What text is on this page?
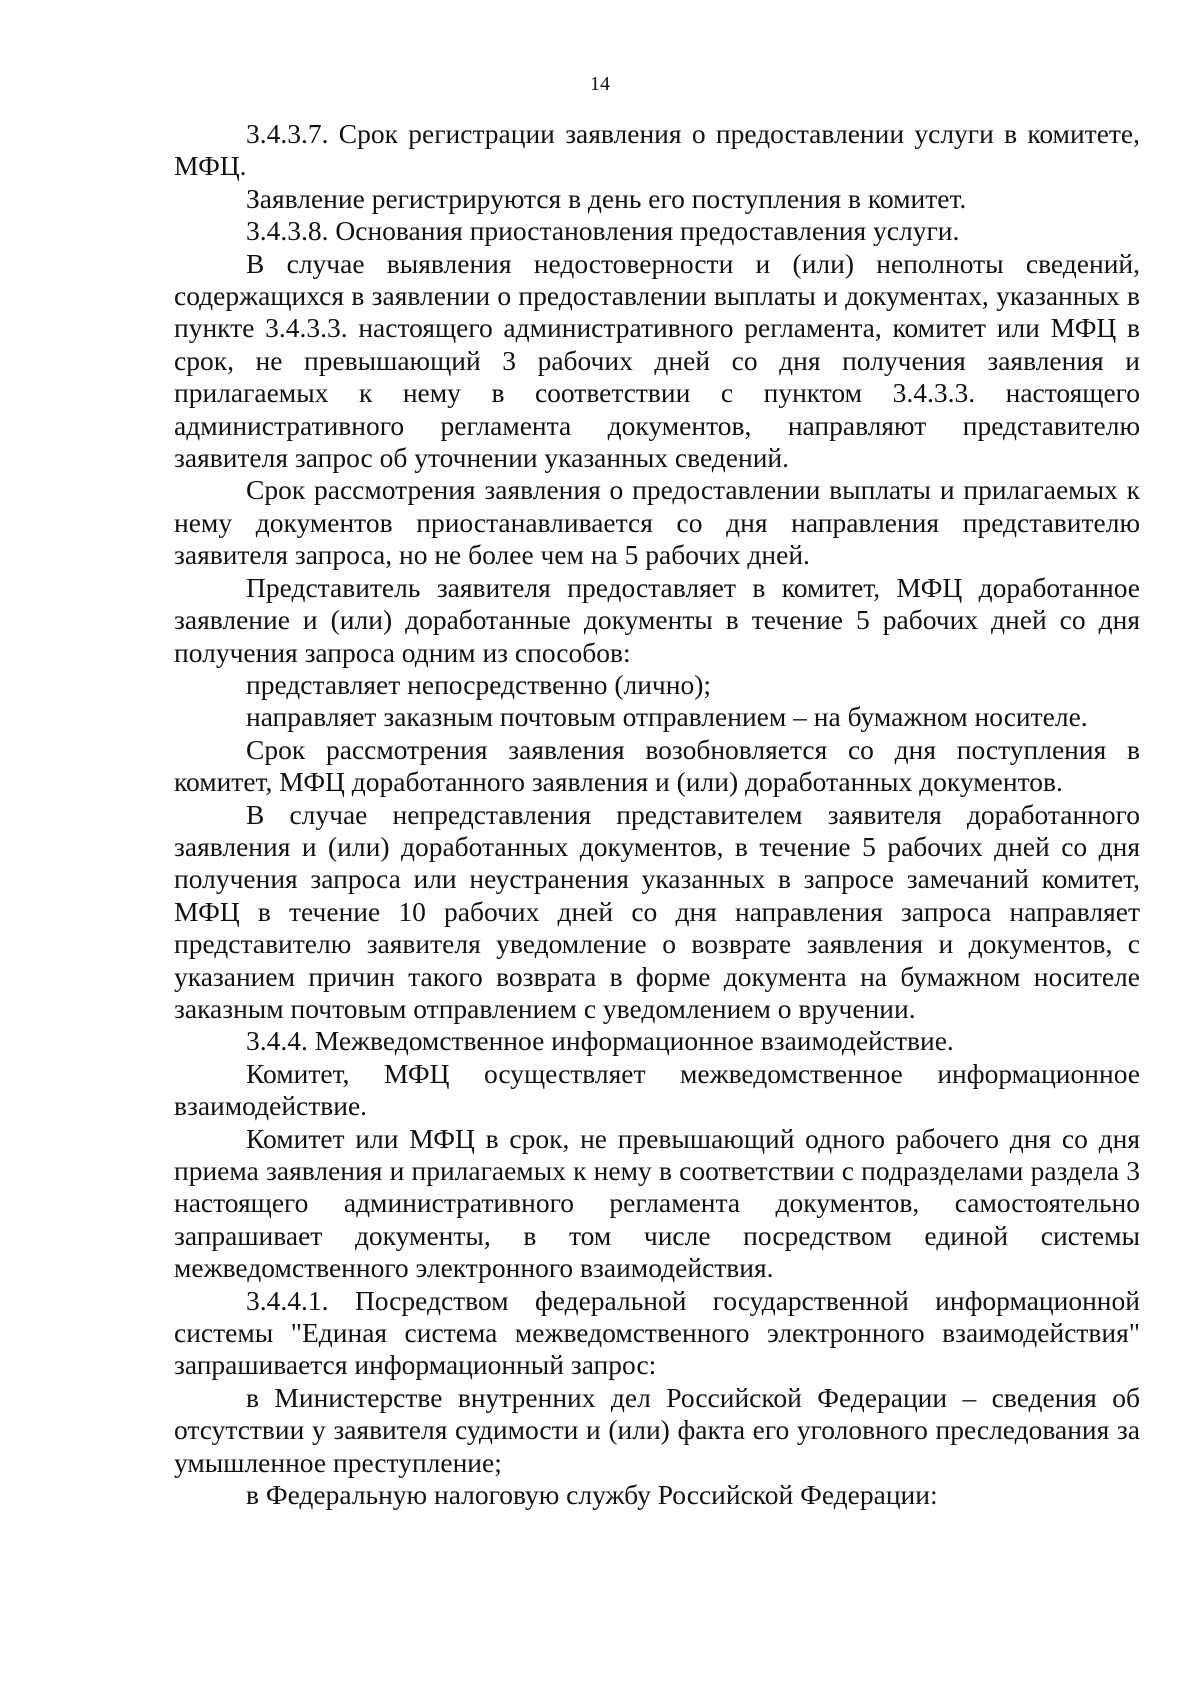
14

3.4.3.7. Срок регистрации заявления о предоставлении услуги в комитете, МФЦ.

Заявление регистрируются в день его поступления в комитет.

3.4.3.8. Основания приостановления предоставления услуги.

В случае выявления недостоверности и (или) неполноты сведений, содержащихся в заявлении о предоставлении выплаты и документах, указанных в пункте 3.4.3.3. настоящего административного регламента, комитет или МФЦ в срок, не превышающий 3 рабочих дней со дня получения заявления и прилагаемых к нему в соответствии с пунктом 3.4.3.3. настоящего административного регламента документов, направляют представителю заявителя запрос об уточнении указанных сведений.

Срок рассмотрения заявления о предоставлении выплаты и прилагаемых к нему документов приостанавливается со дня направления представителю заявителя запроса, но не более чем на 5 рабочих дней.

Представитель заявителя предоставляет в комитет, МФЦ доработанное заявление и (или) доработанные документы в течение 5 рабочих дней со дня получения запроса одним из способов:

представляет непосредственно (лично);

направляет заказным почтовым отправлением – на бумажном носителе.

Срок рассмотрения заявления возобновляется со дня поступления в комитет, МФЦ доработанного заявления и (или) доработанных документов.

В случае непредставления представителем заявителя доработанного заявления и (или) доработанных документов, в течение 5 рабочих дней со дня получения запроса или неустранения указанных в запросе замечаний комитет, МФЦ в течение 10 рабочих дней со дня направления запроса направляет представителю заявителя уведомление о возврате заявления и документов, с указанием причин такого возврата в форме документа на бумажном носителе заказным почтовым отправлением с уведомлением о вручении.

3.4.4. Межведомственное информационное взаимодействие.

Комитет, МФЦ осуществляет межведомственное информационное взаимодействие.

Комитет или МФЦ в срок, не превышающий одного рабочего дня со дня приема заявления и прилагаемых к нему в соответствии с подразделами раздела 3 настоящего административного регламента документов, самостоятельно запрашивает документы, в том числе посредством единой системы межведомственного электронного взаимодействия.

3.4.4.1. Посредством федеральной государственной информационной системы "Единая система межведомственного электронного взаимодействия" запрашивается информационный запрос:

в Министерстве внутренних дел Российской Федерации – сведения об отсутствии у заявителя судимости и (или) факта его уголовного преследования за умышленное преступление;

в Федеральную налоговую службу Российской Федерации:
